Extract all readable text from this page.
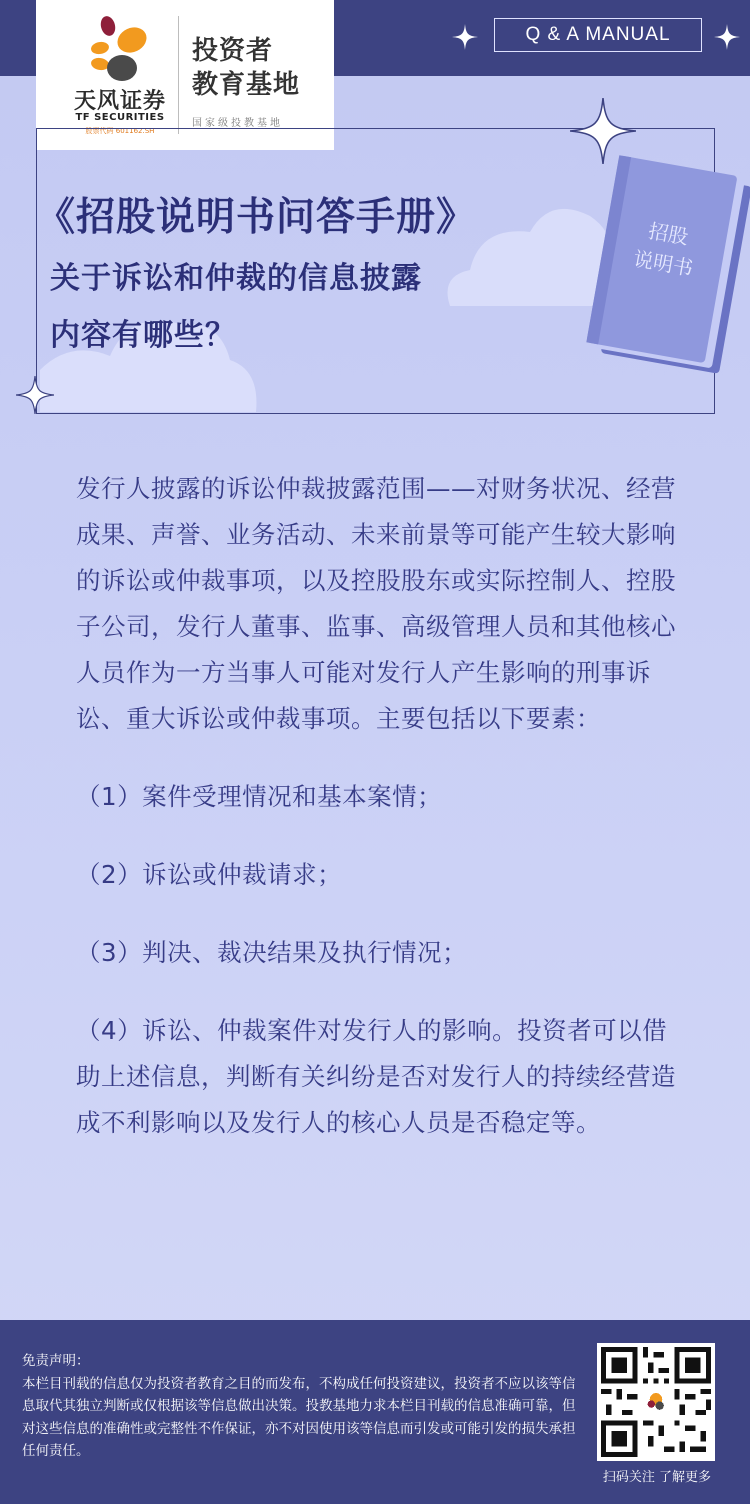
天风证券
TF SECURITIES
股票代码 601162.SH
投资者
教育基地
国家级投教基地
Q & A MANUAL
《招股说明书问答手册》
关于诉讼和仲裁的信息披露
内容有哪些？
招股
说明书
发行人披露的诉讼仲裁披露范围——对财务状况、经营成果、声誉、业务活动、未来前景等可能产生较大影响的诉讼或仲裁事项，以及控股股东或实际控制人、控股子公司，发行人董事、监事、高级管理人员和其他核心人员作为一方当事人可能对发行人产生影响的刑事诉讼、重大诉讼或仲裁事项。主要包括以下要素：
（1）案件受理情况和基本案情；
（2）诉讼或仲裁请求；
（3）判决、裁决结果及执行情况；
（4）诉讼、仲裁案件对发行人的影响。投资者可以借助上述信息，判断有关纠纷是否对发行人的持续经营造成不利影响以及发行人的核心人员是否稳定等。
免责声明：
本栏目刊载的信息仅为投资者教育之目的而发布，不构成任何投资建议，投资者不应以该等信息取代其独立判断或仅根据该等信息做出决策。投教基地力求本栏目刊载的信息准确可靠，但对这些信息的准确性或完整性不作保证，亦不对因使用该等信息而引发或可能引发的损失承担任何责任。
扫码关注 了解更多
